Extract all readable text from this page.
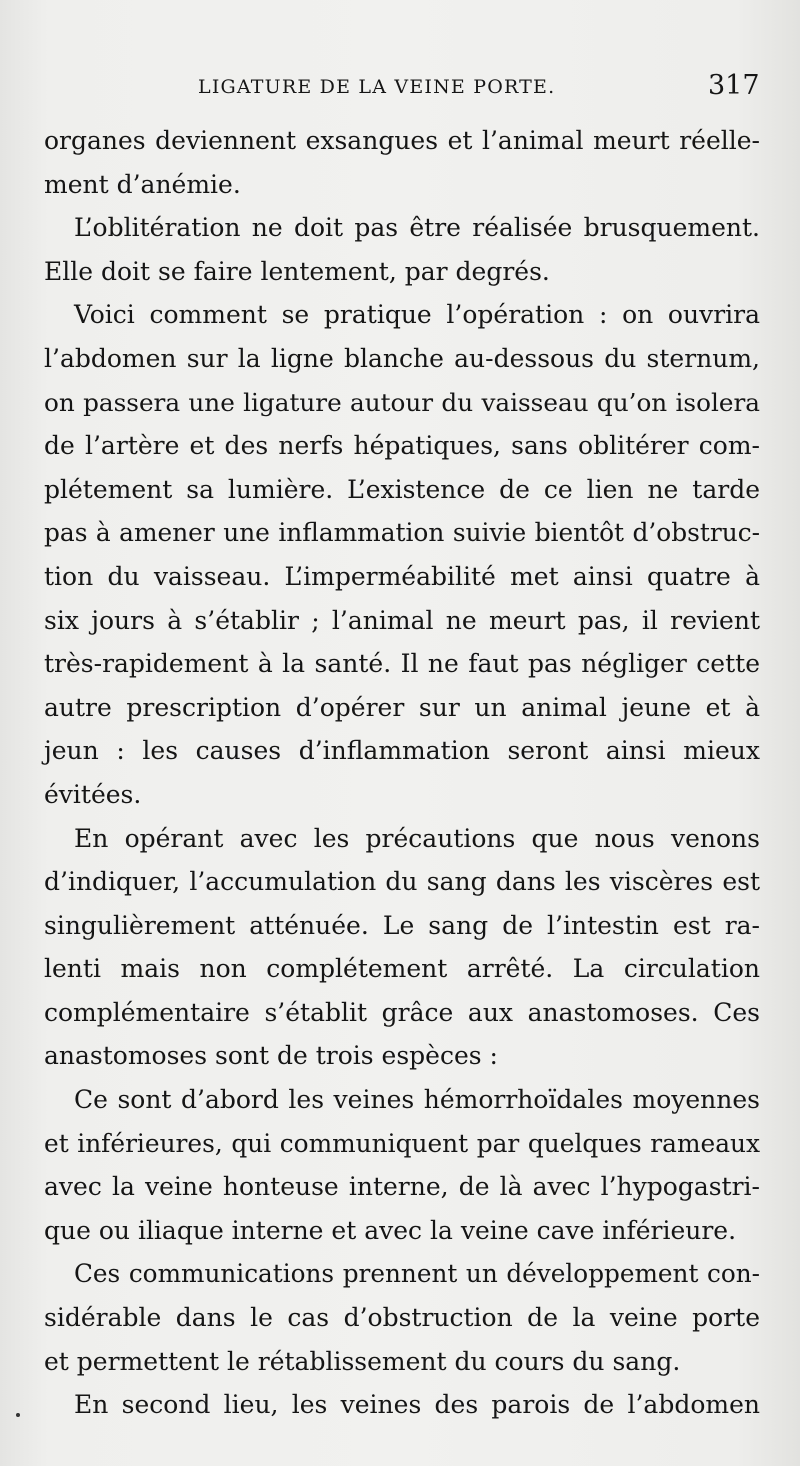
LIGATURE DE LA VEINE PORTE.	317
organes deviennent exsangues et l’animal meurt réelle-
ment d’anémie.
L’oblitération ne doit pas être réalisée brusquement.
Elle doit se faire lentement, par degrés.
Voici comment se pratique l’opération : on ouvrira
l’abdomen sur la ligne blanche au-dessous du sternum,
on passera une ligature autour du vaisseau qu’on isolera
de l’artère et des nerfs hépatiques, sans oblitérer com-
plétement sa lumière. L’existence de ce lien ne tarde
pas à amener une inflammation suivie bientôt d’obstruc-
tion du vaisseau. L’imperméabilité met ainsi quatre à
six jours à s’établir ; l’animal ne meurt pas, il revient
très-rapidement à la santé. Il ne faut pas négliger cette
autre prescription d’opérer sur un animal jeune et à
jeun : les causes d’inflammation seront ainsi mieux
évitées.
En opérant avec les précautions que nous venons
d’indiquer, l’accumulation du sang dans les viscères est
singulièrement atténuée. Le sang de l’intestin est ra-
lenti mais non complétement arrêté. La circulation
complémentaire s’établit grâce aux anastomoses. Ces
anastomoses sont de trois espèces :
Ce sont d’abord les veines hémorrhoïdales moyennes
et inférieures, qui communiquent par quelques rameaux
avec la veine honteuse interne, de là avec l’hypogastri-
que ou iliaque interne et avec la veine cave inférieure.
Ces communications prennent un développement con-
sidérable dans le cas d’obstruction de la veine porte
et permettent le rétablissement du cours du sang.
En second lieu, les veines des parois de l’abdomen
